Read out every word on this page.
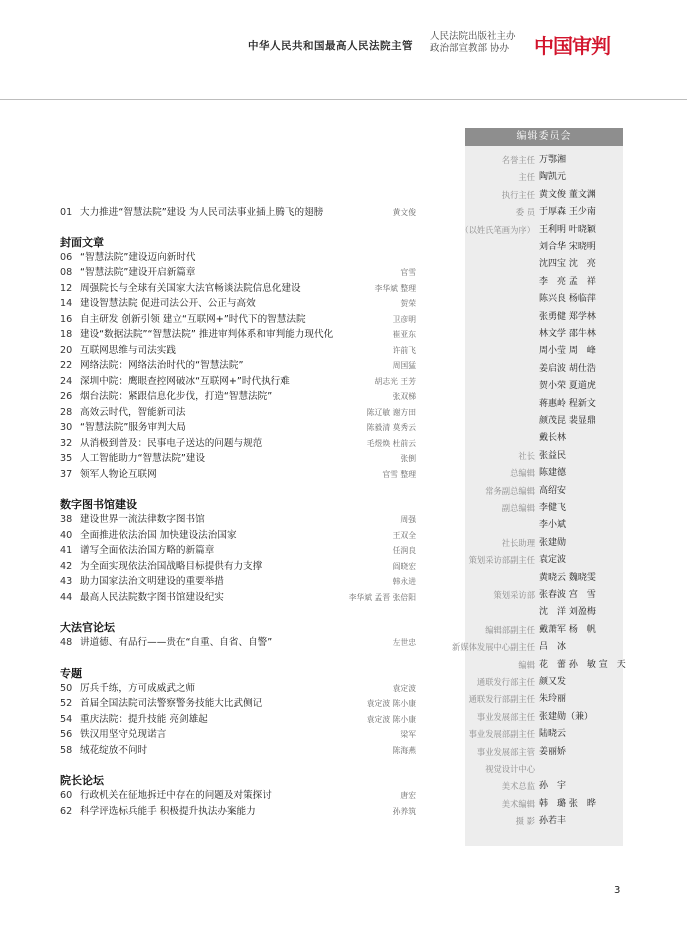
中华人民共和国最高人民法院主管
人民法院出版社主办
政治部宣教部 协办	中国审判
01 大力推进“智慧法院”建设 为人民司法事业插上腾飞的翅膀	黄文俊
封面文章
06 “智慧法院”建设迈向新时代
08 “智慧法院”建设开启新篇章	官雪
12 周强院长与全球有关国家大法官畅谈法院信息化建设	李华斌 整理
14 建设智慧法院 促进司法公开、公正与高效	贺荣
16 自主研发 创新引领 建立“互联网+”时代下的智慧法院	卫彦明
18 建设“数据法院”“智慧法院” 推进审判体系和审判能力现代化	崔亚东
20 互联网思维与司法实践	许前飞
22 网络法院：网络法治时代的“智慧法院”	周国猛
24 深圳中院：鹰眼查控网破冰“互联网+”时代执行难	胡志光 王芳
26 烟台法院：紧跟信息化步伐，打造“智慧法院”	张双梯
28 高效云时代，智能新司法	陈辽敏 谢方田
30 “智慧法院”服务审判大局	陈毅清 莫秀云
32 从消极到普及：民事电子送达的问题与规范	毛煜焕 杜前云
35 人工智能助力“智慧法院”建设	张倒
37 领军人物论互联网	官雪 整理
数字图书馆建设
38 建设世界一流法律数字图书馆	周强
40 全面推进依法治国 加快建设法治国家	王双全
41 谱写全面依法治国方略的新篇章	任润良
42 为全面实现依法治国战略目标提供有力支撑	阎晓宏
43 助力国家法治文明建设的重要举措	韩永进
44 最高人民法院数字图书馆建设纪实	李华斌 孟晋 张倍阳
大法官论坛
48 讲道德、有品行——贵在“自重、自省、自警”	左世忠
专题
50 厉兵千练，方可成威武之师	袁定波
52 首届全国法院司法警察警务技能大比武侧记	袁定波 陈小康
54 重庆法院：提升技能 亮剑雄起	袁定波 陈小康
56 铁汉用坚守兑现诺言	梁军
58 绒花绽放不问时	陈海燕
院长论坛
60 行政机关在征地拆迁中存在的问题及对策探讨	唐宏
62 科学评选标兵能手 积极提升执法办案能力	孙养筑
编辑委员会
名誉主任 万鄂湘
主任 陶凯元
执行主任 黄文俊 董文渊
委 员 于厚森 王少南
（以姓氏笔画为序） 王利明 叶晓颖
刘合华 宋晓明
沈四宝 沈　亮
李　亮 孟　祥
陈兴良 杨临萍
张勇健 郑学林
林文学 邵牛林
周小莹 周　峰
姜启波 胡仕浩
贺小荣 夏道虎
蒋惠岭 程新文
颜茂昆 裴显鼎
戴长林
社长 张益民
总编辑 陈建德
常务副总编辑 高绍安
副总编辑 李健飞
李小斌
社长助理 张建勋
策划采访部副主任 袁定波
黄晓云 魏晓雯
策划采访部 张春波 宫　雪
沈　洋 刘盈梅
编辑部副主任 戴萧军 杨　帆
新媒体发展中心副主任 吕　冰
编辑 花　蕾 孙　敏 宣　天
通联发行部主任 颜又发
通联发行部副主任 朱玲丽
事业发展部主任 张建勋（兼）
事业发展部副主任 陆晓云
事业发展部主管 姜丽娇
视觉设计中心
美术总监 孙　宇
美术编辑 韩　璐 张　晔
摄 影 孙若丰
3
